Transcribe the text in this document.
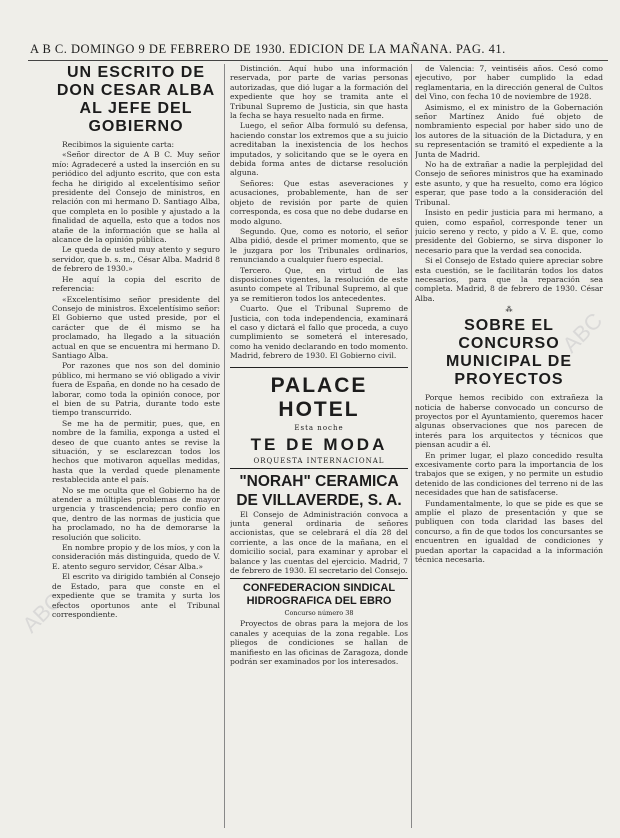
A B C. DOMINGO 9 DE FEBRERO DE 1930. EDICION DE LA MAÑANA. PAG. 41.
UN ESCRITO DE DON CESAR ALBA AL JEFE DEL GOBIERNO

Recibimos la siguiente carta:

«Señor director de A B C. Muy señor mío: Agradeceré a usted la inserción en su periódico del adjunto escrito, que con esta fecha he dirigido al excelentísimo señor presidente del Consejo de ministros, en relación con mi hermano D. Santiago Alba, que completa en lo posible y ajustado a la finalidad de aquella, esto que a todos nos atañe de la información que se halla al alcance de la opinión pública.

Le queda de usted muy atento y seguro servidor, que b. s. m., César Alba. Madrid 8 de febrero de 1930.»

He aquí la copia del escrito de referencia:

«Excelentísimo señor presidente del Consejo de ministros. Excelentísimo señor: El Gobierno que usted preside, por el carácter que de él mismo se ha proclamado, ha llegado a la situación actual en que se encuentra mi hermano D. Santiago Alba.

Por razones que nos son del dominio público, mi hermano se vió obligado a vivir fuera de España, en donde no ha cesado de laborar, como toda la opinión conoce, por el bien de su Patria, durante todo este tiempo transcurrido.

Se me ha de permitir, pues, que, en nombre de la familia, exponga a usted el deseo de que cuanto antes se revise la situación, y se esclarezcan todos los hechos que motivaron aquellas medidas, hasta que la verdad quede plenamente restablecida ante el país.

No se me oculta que el Gobierno ha de atender a múltiples problemas de mayor urgencia y trascendencia; pero confío en que, dentro de las normas de justicia que ha proclamado, no ha de demorarse la resolución que solicito.

En nombre propio y de los míos, y con la consideración más distinguida, quedo de V. E. atento seguro servidor, César Alba.»

El escrito va dirigido también al Consejo de Estado, para que conste en el expediente que se tramita y surta los efectos oportunos ante el Tribunal correspondiente.

Distinción. Aquí hubo una información reservada, por parte de varias personas autorizadas, que dió lugar a la formación del expediente que hoy se tramita ante el Tribunal Supremo de Justicia, sin que hasta la fecha se haya resuelto nada en firme.

Luego, el señor Alba formuló su defensa, haciendo constar los extremos que a su juicio acreditaban la inexistencia de los hechos imputados, y solicitando que se le oyera en debida forma antes de dictarse resolución alguna.

Señores: Que estas aseveraciones y acusaciones, probablemente, han de ser objeto de revisión por parte de quien corresponda, es cosa que no debe dudarse en modo alguno.

Segundo. Que, como es notorio, el señor Alba pidió, desde el primer momento, que se le juzgara por los Tribunales ordinarios, renunciando a cualquier fuero especial.

Tercero. Que, en virtud de las disposiciones vigentes, la resolución de este asunto compete al Tribunal Supremo, al que ya se remitieron todos los antecedentes.

Cuarto. Que el Tribunal Supremo de Justicia, con toda independencia, examinará el caso y dictará el fallo que proceda, a cuyo cumplimiento se someterá el interesado, como ha venido declarando en todo momento. Madrid, febrero de 1930. El Gobierno civil.

PALACE HOTEL
Esta noche
TE DE MODA
ORQUESTA INTERNACIONAL
"NORAH" CERAMICA DE VILLAVERDE, S. A.

El Consejo de Administración convoca a junta general ordinaria de señores accionistas, que se celebrará el día 28 del corriente, a las once de la mañana, en el domicilio social, para examinar y aprobar el balance y las cuentas del ejercicio. Madrid, 7 de febrero de 1930. El secretario del Consejo.

CONFEDERACION SINDICAL HIDROGRAFICA DEL EBRO
Concurso número 38

Proyectos de obras para la mejora de los canales y acequias de la zona regable. Los pliegos de condiciones se hallan de manifiesto en las oficinas de Zaragoza, donde podrán ser examinados por los interesados.

de Valencia: 7, veintiséis años. Cesó como ejecutivo, por haber cumplido la edad reglamentaria, en la dirección general de Cultos del Vino, con fecha 10 de noviembre de 1928.

Asimismo, el ex ministro de la Gobernación señor Martínez Anido fué objeto de nombramiento especial por haber sido uno de los autores de la situación de la Dictadura, y en su representación se tramitó el expediente a la Junta de Madrid.

No ha de extrañar a nadie la perplejidad del Consejo de señores ministros que ha examinado este asunto, y que ha resuelto, como era lógico esperar, que pase todo a la consideración del Tribunal.

Insisto en pedir justicia para mi hermano, a quien, como español, corresponde tener un juicio sereno y recto, y pido a V. E. que, como presidente del Gobierno, se sirva disponer lo necesario para que la verdad sea conocida.

Si el Consejo de Estado quiere apreciar sobre esta cuestión, se le facilitarán todos los datos necesarios, para que la reparación sea completa. Madrid, 8 de febrero de 1930. César Alba.

⁂
SOBRE EL CONCURSO MUNICIPAL DE PROYECTOS

Porque hemos recibido con extrañeza la noticia de haberse convocado un concurso de proyectos por el Ayuntamiento, queremos hacer algunas observaciones que nos parecen de interés para los arquitectos y técnicos que piensan acudir a él.

En primer lugar, el plazo concedido resulta excesivamente corto para la importancia de los trabajos que se exigen, y no permite un estudio detenido de las condiciones del terreno ni de las necesidades que han de satisfacerse.

Fundamentalmente, lo que se pide es que se amplíe el plazo de presentación y que se publiquen con toda claridad las bases del concurso, a fin de que todos los concursantes se encuentren en igualdad de condiciones y puedan aportar la capacidad a la información técnica necesaria.

ABC
ABC
